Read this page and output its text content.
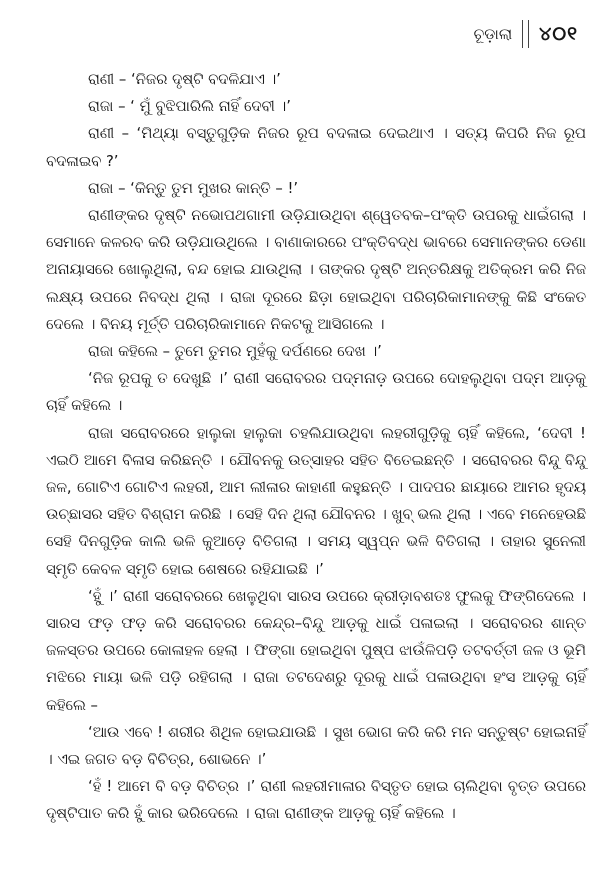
ଚୂଡ଼ାଲା ୪୦୧

ରାଣୀ – ‘ନିଜର ଦୃଷ୍ଟି ବଦଳିଯାଏ ।’

ରାଜା – ‘ ମୁଁ ବୁଝିପାରିଲି ନାହିଁ ଦେବୀ ।’

ରାଣୀ – ‘ମିଥ୍ୟା ବସ୍ତୁଗୁଡ଼ିକ ନିଜର ରୂପ ବଦଳାଇ ଦେଇଥାଏ । ସତ୍ୟ କିପରି ନିଜ ରୂପ ବଦଳାଇବ ?’

ରାଜା – ‘କିନ୍ତୁ ତୁମ ମୁଖର କାନ୍ତି – !’

ରାଣୀଙ୍କର ଦୃଷ୍ଟି ନଭୋପଥଗାମୀ ଉଡ଼ିଯାଉଥିବା ଶ୍ୱେତବକ–ପଂକ୍ତି ଉପରକୁ ଧାଇଁଗଲା । ସେମାନେ କଳରବ କରି ଉଡ଼ିଯାଉଥିଲେ । ବାଣାକାରରେ ପଂକ୍ତିବଦ୍ଧ ଭାବରେ ସେମାନଙ୍କର ଡେଣା ଅନାୟାସରେ ଖୋଲୁଥିଲା, ବନ୍ଦ ହୋଇ ଯାଉଥିଲା । ତାଙ୍କର ଦୃଷ୍ଟି ଅନ୍ତରିକ୍ଷକୁ ଅତିକ୍ରମ କରି ନିଜ ଲକ୍ଷ୍ୟ ଉପରେ ନିବଦ୍ଧ ଥିଲା । ରାଜା ଦୂରରେ ଛିଡ଼ା ହୋଇଥିବା ପରିଚାରିକାମାନଙ୍କୁ କିଛି ସଂକେତ ଦେଲେ । ବିନୟ ମୂର୍ତ୍ତି ପରିଚାରିକାମାନେ ନିକଟକୁ ଆସିଗଲେ ।

ରାଜା କହିଲେ – ତୁମେ ତୁମର ମୁହଁକୁ ଦର୍ପଣରେ ଦେଖ ।’

‘ନିଜ ରୂପକୁ ତ ଦେଖୁଛି ।’ ରାଣୀ ସରୋବରର ପଦ୍ମନାଡ଼ ଉପରେ ଦୋହଲୁଥିବା ପଦ୍ମ ଆଡ଼କୁ ଚାହିଁ କହିଲେ ।

ରାଜା ସରୋବରରେ ହାଲୁକା ହାଲୁକା ଚହଲିଯାଉଥିବା ଲହରୀଗୁଡ଼ିକୁ ଚାହିଁ କହିଲେ, ‘ଦେବୀ ! ଏଇଠି ଆମେ ବିଳାସ କରିଛନ୍ତି । ଯୌବନକୁ ଉତ୍ସାହର ସହିତ ବିତେଇଛନ୍ତି । ସରୋବରର ବିନ୍ଦୁ ବିନ୍ଦୁ ଜଳ, ଗୋଟିଏ ଗୋଟିଏ ଲହରୀ, ଆମ ଲୀଳାର କାହାଣୀ କହୁଛନ୍ତି । ପାଦପର ଛାୟାରେ ଆମର ହୃଦୟ ଉଚ୍ଛାସର ସହିତ ବିଶ୍ରାମ କରିଛି । ସେହି ଦିନ ଥିଲା ଯୌବନର । ଖୁବ୍ ଭଲ ଥିଲା । ଏବେ ମନେହେଉଛି ସେହି ଦିନଗୁଡ଼ିକ କାଲି ଭଳି କୁଆଡ଼େ ବିତିଗଲା । ସମୟ ସ୍ୱପ୍ନ ଭଳି ବିତିଗଲା । ତାହାର ସୁନେଲୀ ସ୍ମୃତି କେବଳ ସ୍ମୃତି ହୋଇ ଶେଷରେ ରହିଯାଇଛି ।’

‘ହୁଁ ।’ ରାଣୀ ସରୋବରରେ ଖେଳୁଥିବା ସାରସ ଉପରେ କ୍ରୀଡ଼ାବଶତଃ ଫୁଲକୁ ଫିଙ୍ଗିଦେଲେ । ସାରସ ଫଡ଼ ଫଡ଼ କରି ସରୋବରର କେନ୍ଦ୍ର–ବିନ୍ଦୁ ଆଡ଼କୁ ଧାଇଁ ପଳାଇଲା । ସରୋବରର ଶାନ୍ତ ଜଳସ୍ତର ଉପରେ କୋଳାହଳ ହେଲା । ଫିଙ୍ଗା ହୋଇଥିବା ପୁଷ୍ପ ଝାଉଁଳିପଡ଼ି ତଟବର୍ତ୍ତୀ ଜଳ ଓ ଭୂମି ମଝିରେ ମାୟା ଭଳି ପଡ଼ି ରହିଗଲା । ରାଜା ତଟଦେଶରୁ ଦୂରକୁ ଧାଇଁ ପଳାଉଥିବା ହଂସ ଆଡ଼କୁ ଚାହିଁ କହିଲେ –

‘ଆଉ ଏବେ ! ଶରୀର ଶିଥିଳ ହୋଇଯାଉଛି । ସୁଖ ଭୋଗ କରି କରି ମନ ସନ୍ତୁଷ୍ଟ ହୋଇନାହିଁ । ଏଇ ଜଗତ ବଡ଼ ବିଚିତ୍ର, ଶୋଭନେ ।’

‘ହଁ ! ଆମେ ବି ବଡ଼ ବିଚିତ୍ର ।’ ରାଣୀ ଲହରୀମାଳାର ବିସ୍ତୃତ ହୋଇ ଚାଲିଥିବା ବୃତ୍ତ ଉପରେ ଦୃଷ୍ଟିପାତ କରି ହୁଁ କାର ଭରିଦେଲେ । ରାଜା ରାଣୀଙ୍କ ଆଡ଼କୁ ଚାହିଁ କହିଲେ ।
